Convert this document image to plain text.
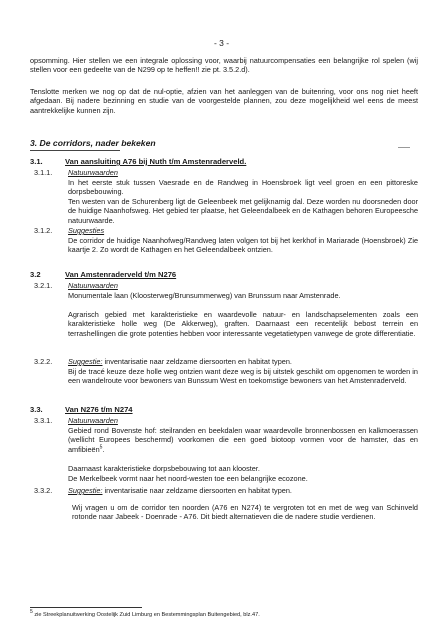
- 3 -
opsomming. Hier stellen we een integrale oplossing voor, waarbij natuurcompensaties een belangrijke rol spelen (wij stellen voor een gedeelte van de N299 op te heffen!! zie pt. 3.5.2.d).
Tenslotte merken we nog op dat de nul-optie, afzien van het aanleggen van de buitenring, voor ons nog niet heeft afgedaan. Bij nadere bezinning en studie van de voorgestelde plannen, zou deze mogelijkheid wel eens de meest aantrekkelijke kunnen zijn.
3. De corridors, nader bekeken
3.1.	Van aansluiting A76 bij Nuth t/m Amstenraderveld.
3.1.1. Natuurwaarden
In het eerste stuk tussen Vaesrade en de Randweg in Hoensbroek ligt veel groen en een pittoreske dorpsbebouwing.
Ten westen van de Schurenberg ligt de Geleenbeek met gelijknamig dal. Deze worden nu doorsneden door de huidige Naanhofsweg. Het gebied ter plaatse, het Geleendalbeek en de Kathagen behoren Europeesche natuurwaarde.
3.1.2. Suggesties
De corridor de huidige Naanhofweg/Randweg laten volgen tot bij het kerkhof in Mariarade (Hoensbroek) Zie kaartje 2. Zo wordt de Kathagen en het Geleendalbeek ontzien.
3.2	Van Amstenraderveld t/m N276
3.2.1. Natuurwaarden
Monumentale laan (Kloosterweg/Brunsummerweg) van Brunssum naar Amstenrade.
Agrarisch gebied met karakteristieke en waardevolle natuur- en landschapselementen zoals een karakteristieke holle weg (De Akkerweg), graften. Daarnaast een recentelijk bebost terrein en terrashellingen die grote potenties hebben voor interessante vegetatietypen vanwege de grote differentiatie.
3.2.2. Suggestie: inventarisatie naar zeldzame diersoorten en habitat typen.
Bij de tracé keuze deze holle weg ontzien want deze weg is bij uitstek geschikt om opgenomen te worden in een wandelroute voor bewoners van Bunssum West en toekomstige bewoners van het Amstenraderveld.
3.3.	Van N276 t/m N274
3.3.1. Natuurwaarden
Gebied rond Bovenste hof: steilranden en beekdalen waar waardevolle bronnenbossen en kalkmoerassen (wellicht Europees beschermd) voorkomen die een goed biotoop vormen voor de hamster, das en amfibieën$^5$.
Daarnaast karakteristieke dorpsbebouwing tot aan klooster.
De Merkelbeek vormt naar het noord-westen toe een belangrijke ecozone.
3.3.2. Suggestie: inventarisatie naar zeldzame diersoorten en habitat typen.
Wij vragen u om de corridor ten noorden (A76 en N274) te vergroten tot en met de weg van Schinveld rotonde naar Jabeek - Doenrade - A76. Dit biedt alternatieven die de nadere studie verdienen.
$^5$ zie Streekplanuitwerking Oostelijk Zuid Limburg en Bestemmingsplan Buitengebied, blz.47.
